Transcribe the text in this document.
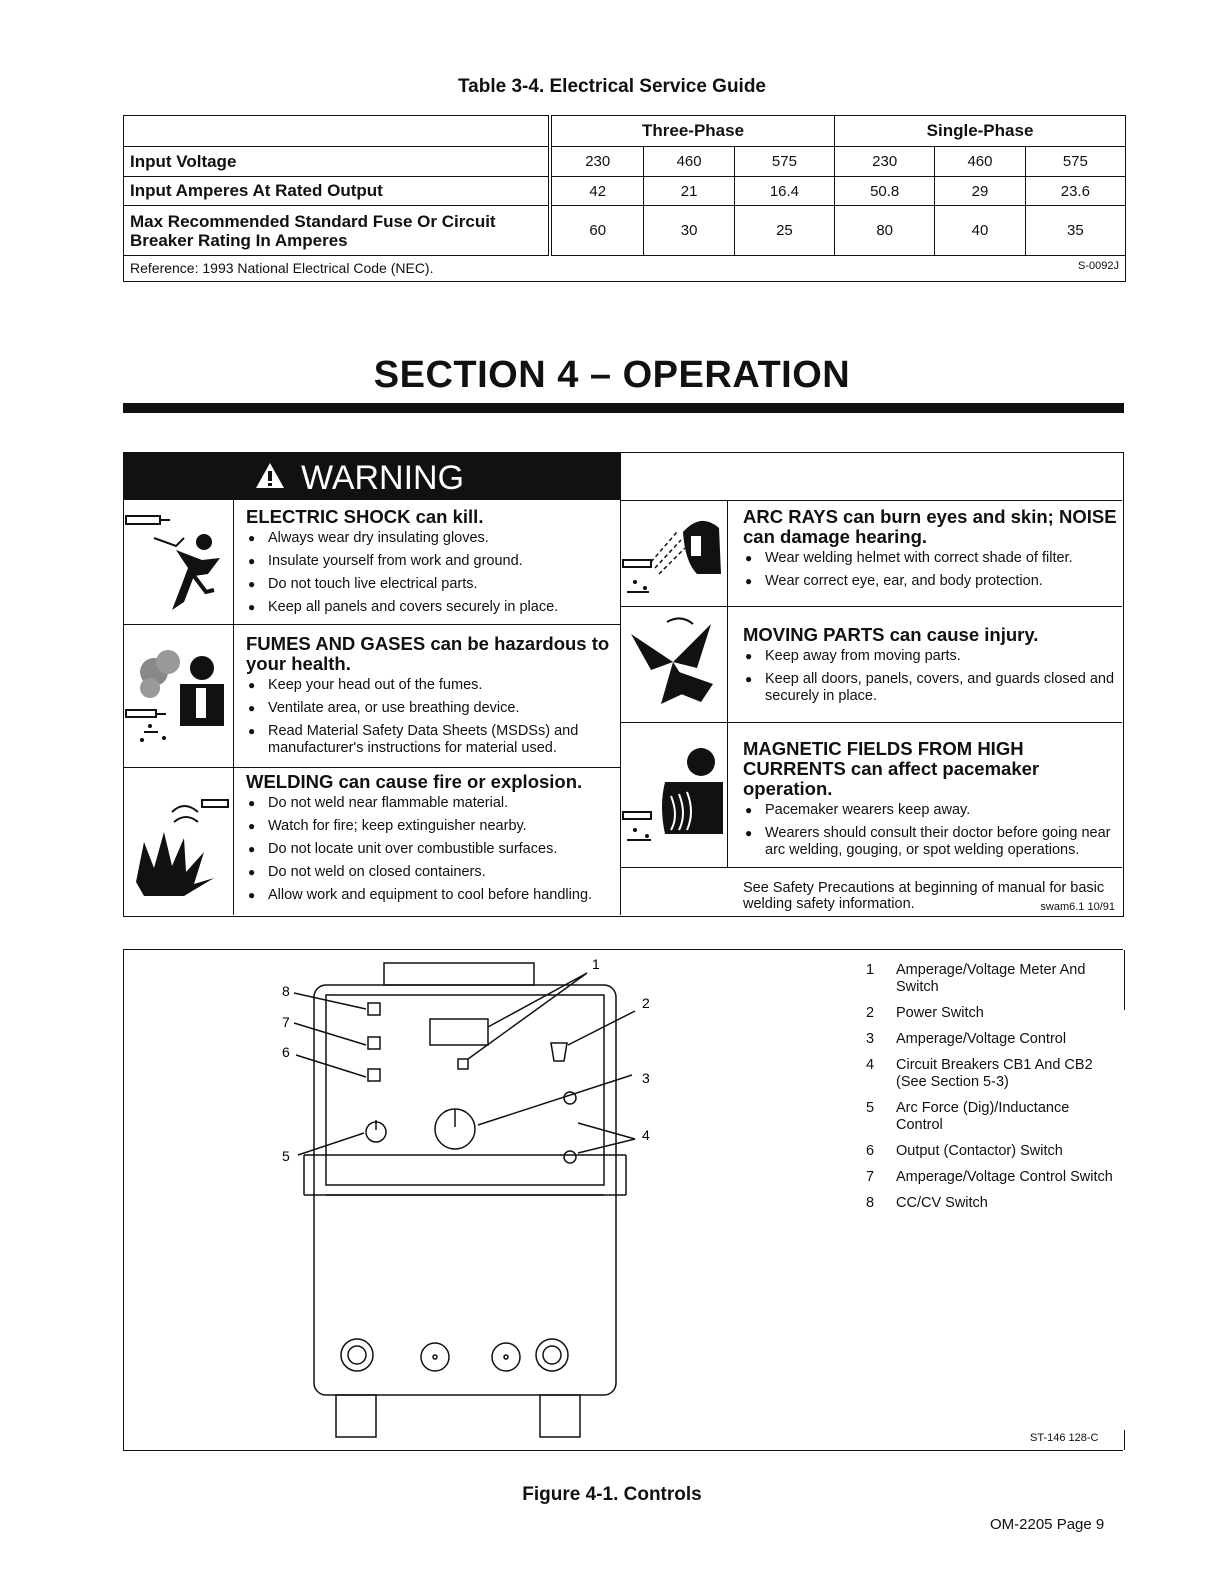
Table 3-4. Electrical Service Guide
	Three-Phase			Single-Phase		
Input Voltage	230	460	575	230	460	575
Input Amperes At Rated Output	42	21	16.4	50.8	29	23.6
Max Recommended Standard Fuse Or Circuit Breaker Rating In Amperes	60	30	25	80	40	35
Reference: 1993 National Electrical Code (NEC). S-0092J						
SECTION 4 – OPERATION
WARNING
ELECTRIC SHOCK can kill.
● Always wear dry insulating gloves.
● Insulate yourself from work and ground.
● Do not touch live electrical parts.
● Keep all panels and covers securely in place.
FUMES AND GASES can be hazardous to your health.
● Keep your head out of the fumes.
● Ventilate area, or use breathing device.
● Read Material Safety Data Sheets (MSDSs) and manufacturer's instructions for material used.
WELDING can cause fire or explosion.
● Do not weld near flammable material.
● Watch for fire; keep extinguisher nearby.
● Do not locate unit over combustible surfaces.
● Do not weld on closed containers.
● Allow work and equipment to cool before handling.
ARC RAYS can burn eyes and skin; NOISE can damage hearing.
● Wear welding helmet with correct shade of filter.
● Wear correct eye, ear, and body protection.
MOVING PARTS can cause injury.
● Keep away from moving parts.
● Keep all doors, panels, covers, and guards closed and securely in place.
MAGNETIC FIELDS FROM HIGH CURRENTS can affect pacemaker operation.
● Pacemaker wearers keep away.
● Wearers should consult their doctor before going near arc welding, gouging, or spot welding operations.
See Safety Precautions at beginning of manual for basic welding safety information.	swam6.1 10/91
1
2
3
4
5
6
7
8
1	Amperage/Voltage Meter And Switch
2	Power Switch
3	Amperage/Voltage Control
4	Circuit Breakers CB1 And CB2 (See Section 5-3)
5	Arc Force (Dig)/Inductance Control
6	Output (Contactor) Switch
7	Amperage/Voltage Control Switch
8	CC/CV Switch
ST-146 128-C
Figure 4-1. Controls
OM-2205 Page 9
